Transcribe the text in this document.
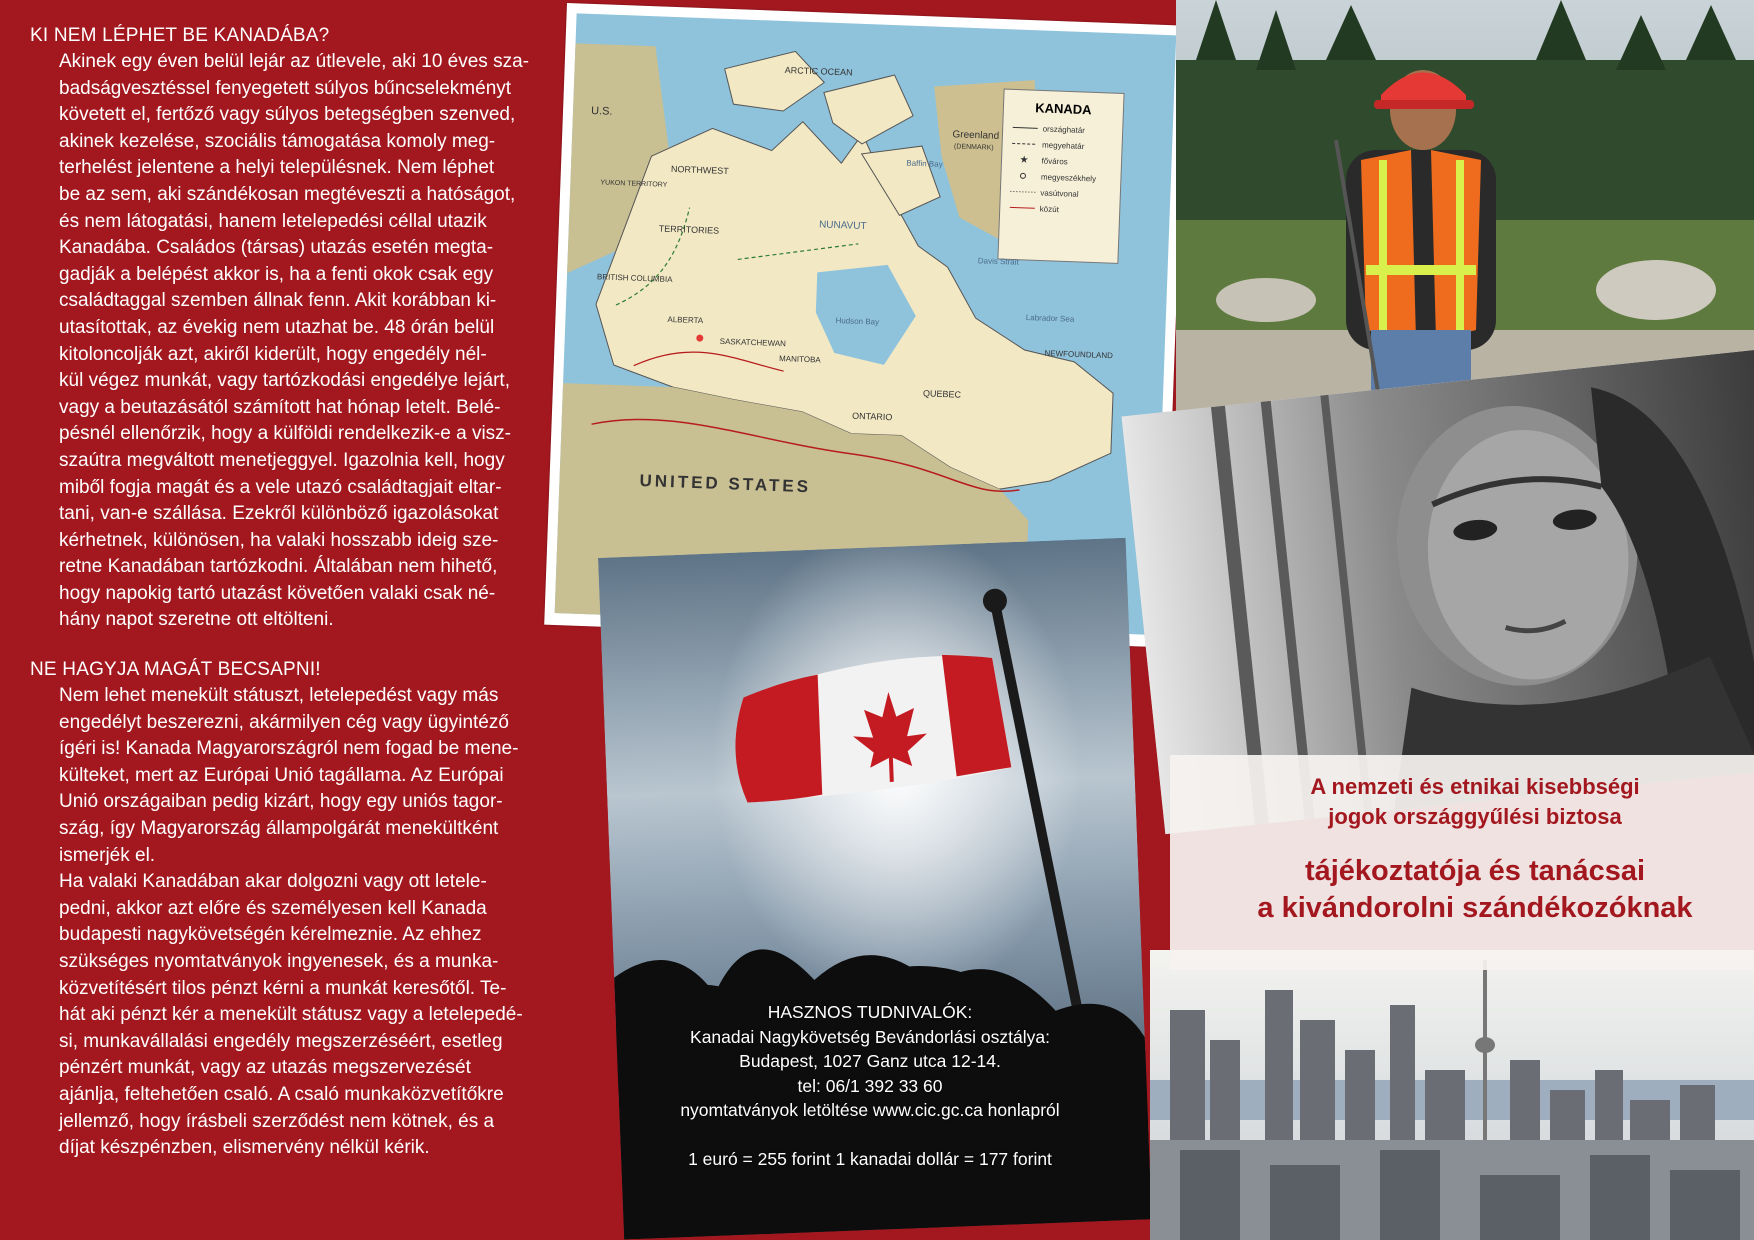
KI NEM LÉPHET BE KANADÁBA?
Akinek egy éven belül lejár az útlevele, aki 10 éves sza-
badságvesztéssel fenyegetett súlyos bűncselekményt
követett el, fertőző vagy súlyos betegségben szenved,
akinek kezelése, szociális támogatása komoly meg-
terhelést jelentene a helyi településnek. Nem léphet
be az sem, aki szándékosan megtéveszti a hatóságot,
és nem látogatási, hanem letelepedési céllal utazik
Kanadába. Családos (társas) utazás esetén megta-
gadják a belépést akkor is, ha a fenti okok csak egy
családtaggal szemben állnak fenn. Akit korábban ki-
utasítottak, az évekig nem utazhat be. 48 órán belül
kitoloncolják azt, akiről kiderült, hogy engedély nél-
kül végez munkát, vagy tartózkodási engedélye lejárt,
vagy a beutazásától számított hat hónap letelt. Belé-
pésnél ellenőrzik, hogy a külföldi rendelkezik-e a visz-
szaútra megváltott menetjeggyel. Igazolnia kell, hogy
miből fogja magát és a vele utazó családtagjait eltar-
tani, van-e szállása. Ezekről különböző igazolásokat
kérhetnek, különösen, ha valaki hosszabb ideig sze-
retne Kanadában tartózkodni. Általában nem hihető,
hogy napokig tartó utazást követően valaki csak né-
hány napot szeretne ott eltölteni.
NE HAGYJA MAGÁT BECSAPNI!
Nem lehet menekült státuszt, letelepedést vagy más
engedélyt beszerezni, akármilyen cég vagy ügyintéző
ígéri is! Kanada Magyarországról nem fogad be mene-
külteket, mert az Európai Unió tagállama. Az Európai
Unió országaiban pedig kizárt, hogy egy uniós tagor-
szág, így Magyarország állampolgárát menekültként
ismerjék el.
Ha valaki Kanadában akar dolgozni vagy ott letele-
pedni, akkor azt előre és személyesen kell Kanada
budapesti nagykövetségén kérelmeznie. Az ehhez
szükséges nyomtatványok ingyenesek, és a munka-
közvetítésért tilos pénzt kérni a munkát keresőtől. Te-
hát aki pénzt kér a menekült státusz vagy a letelepedé-
si, munkavállalási engedély megszerzéséért, esetleg
pénzért munkát, vagy az utazás megszervezését
ajánlja, feltehetően csaló. A csaló munkaközvetítőkre
jellemző, hogy írásbeli szerződést nem kötnek, és a
díjat készpénzben, elismervény nélkül kérik.
KANADA
országhatár
megyehatár
★ főváros
megyeszékhely
vasútvonal
közút
ARCTIC OCEAN
U.S.
Greenland
(DENMARK)
UNITED STATES
NUNAVUT
TERRITORIES
NORTHWEST
YUKON TERRITORY
BRITISH COLUMBIA
ALBERTA
SASKATCHEWAN
MANITOBA
ONTARIO
QUEBEC
NEWFOUNDLAND
Hudson Bay
Baffin Bay
Labrador Sea
Davis Strait
A nemzeti és etnikai kisebbségi
jogok országgyűlési biztosa
tájékoztatója és tanácsai
a kivándorolni szándékozóknak
HASZNOS TUDNIVALÓK:
Kanadai Nagykövetség Bevándorlási osztálya:
Budapest, 1027 Ganz utca 12-14.
tel: 06/1 392 33 60
nyomtatványok letöltése www.cic.gc.ca honlapról
1 euró = 255 forint 1 kanadai dollár = 177 forint
